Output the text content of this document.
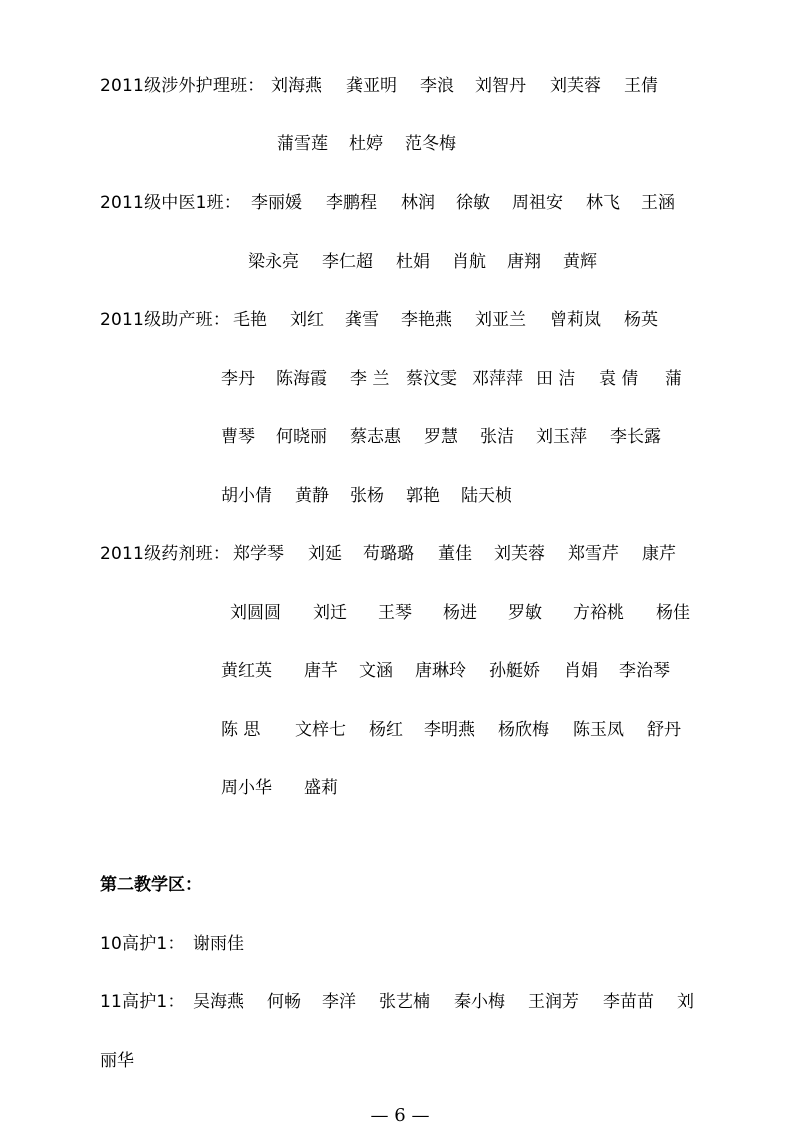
2011级涉外护理班： 刘海燕 龚亚明 李浪 刘智丹 刘芙蓉 王倩
蒲雪莲 杜婷 范冬梅
2011级中医1班： 李丽媛 李鹏程 林润 徐敏 周祖安 林飞 王涵
梁永亮 李仁超 杜娟 肖航 唐翔 黄辉
2011级助产班： 毛艳 刘红 龚雪 李艳燕 刘亚兰 曾莉岚 杨英
李丹 陈海霞 李 兰 蔡汶雯 邓萍萍 田 洁 袁 倩 蒲
曹琴 何晓丽 蔡志惠 罗慧 张洁 刘玉萍 李长露
胡小倩 黄静 张杨 郭艳 陆天桢
2011级药剂班： 郑学琴 刘延 苟璐璐 董佳 刘芙蓉 郑雪芹 康芹
刘圆圆 刘迁 王琴 杨进 罗敏 方裕桃 杨佳
黄红英 唐芊 文涵 唐琳玲 孙艇娇 肖娟 李治琴
陈 思 文梓七 杨红 李明燕 杨欣梅 陈玉凤 舒丹
周小华 盛莉
第二教学区：
10高护1： 谢雨佳
11高护1： 吴海燕 何畅 李洋 张艺楠 秦小梅 王润芳 李苗苗 刘
丽华
— 6 —
